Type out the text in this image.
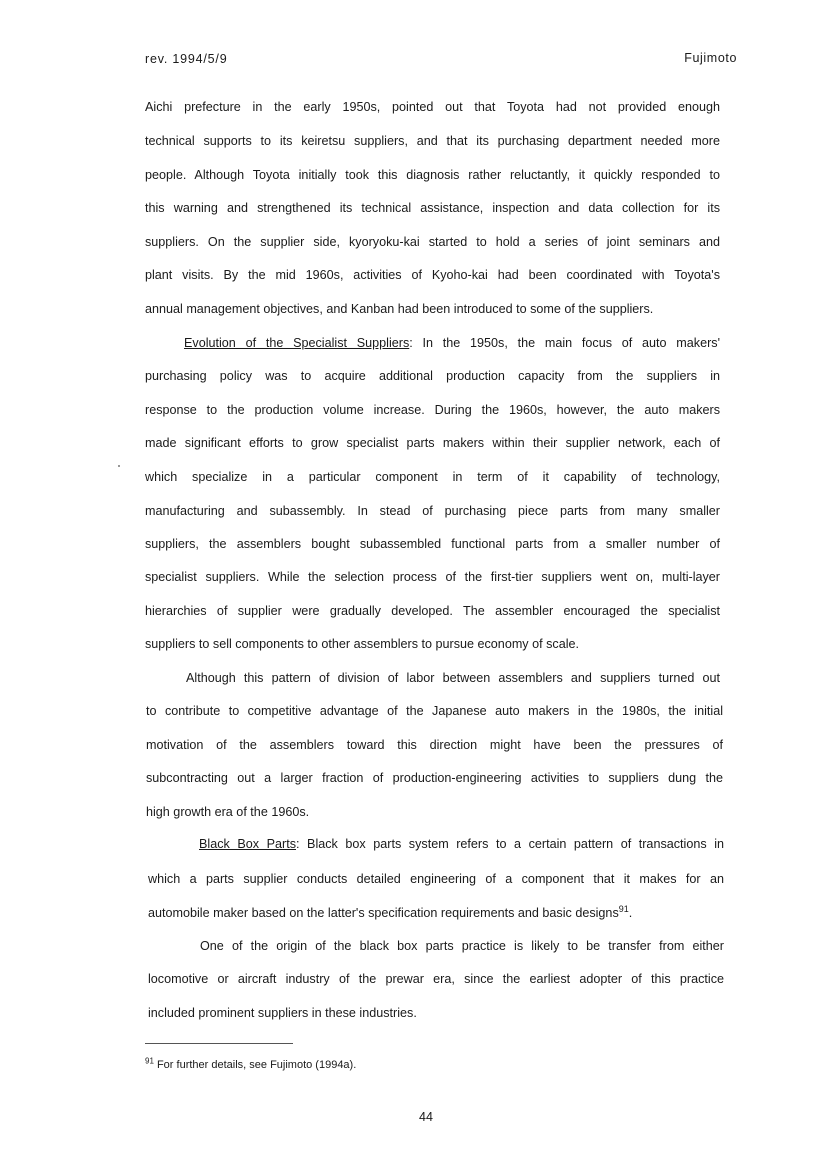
rev. 1994/5/9	Fujimoto
Aichi prefecture in the early 1950s, pointed out that Toyota had not provided enough
technical supports to its keiretsu suppliers, and that its purchasing department needed more
people. Although Toyota initially took this diagnosis rather reluctantly, it quickly responded to
this warning and strengthened its technical assistance, inspection and data collection for its
suppliers. On the supplier side, kyoryoku-kai started to hold a series of joint seminars and
plant visits. By the mid 1960s, activities of Kyoho-kai had been coordinated with Toyota's
annual management objectives, and Kanban had been introduced to some of the suppliers.
Evolution of the Specialist Suppliers: In the 1950s, the main focus of auto makers'
purchasing policy was to acquire additional production capacity from the suppliers in
response to the production volume increase. During the 1960s, however, the auto makers
made significant efforts to grow specialist parts makers within their supplier network, each of
which specialize in a particular component in term of it capability of technology,
manufacturing and subassembly. In stead of purchasing piece parts from many smaller
suppliers, the assemblers bought subassembled functional parts from a smaller number of
specialist suppliers. While the selection process of the first-tier suppliers went on, multi-layer
hierarchies of supplier were gradually developed. The assembler encouraged the specialist
suppliers to sell components to other assemblers to pursue economy of scale.
Although this pattern of division of labor between assemblers and suppliers turned out
to contribute to competitive advantage of the Japanese auto makers in the 1980s, the initial
motivation of the assemblers toward this direction might have been the pressures of
subcontracting out a larger fraction of production-engineering activities to suppliers dung the
high growth era of the 1960s.
Black Box Parts: Black box parts system refers to a certain pattern of transactions in
which a parts supplier conducts detailed engineering of a component that it makes for an
automobile maker based on the latter's specification requirements and basic designs$^{91}$.
One of the origin of the black box parts practice is likely to be transfer from either
locomotive or aircraft industry of the prewar era, since the earliest adopter of this practice
included prominent suppliers in these industries.
$^{91}$ For further details, see Fujimoto (1994a).
44
